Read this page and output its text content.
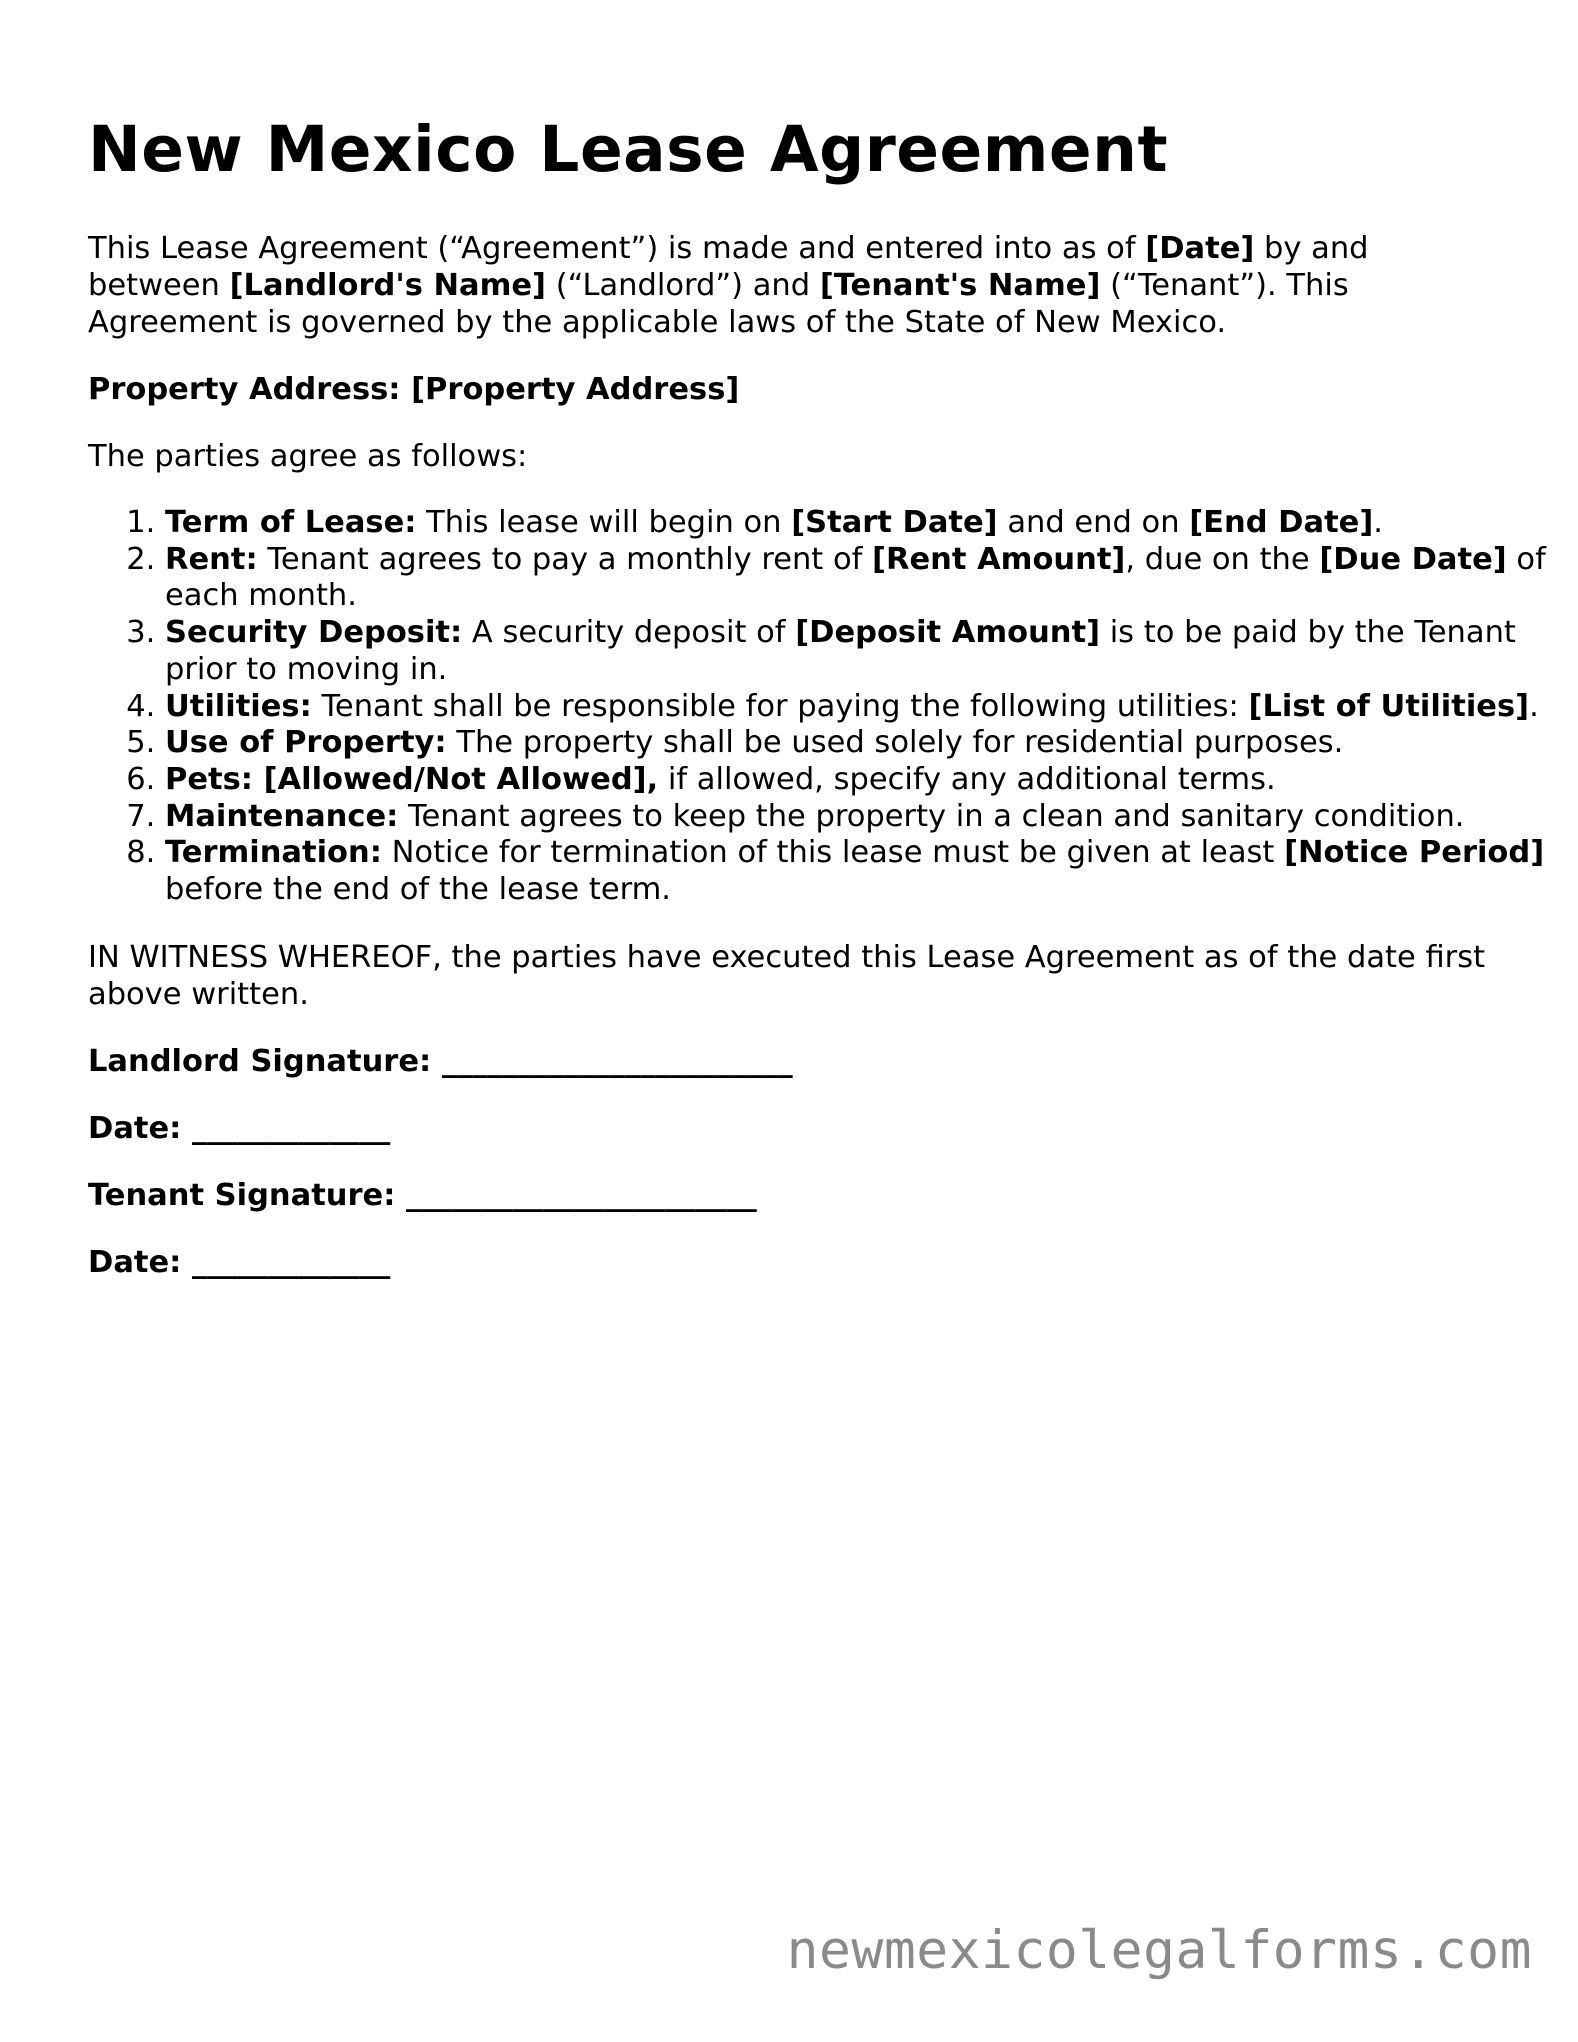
New Mexico Lease Agreement

This Lease Agreement (“Agreement”) is made and entered into as of [Date] by and between [Landlord's Name] (“Landlord”) and [Tenant's Name] (“Tenant”). This Agreement is governed by the applicable laws of the State of New Mexico.

Property Address: [Property Address]

The parties agree as follows:

1. Term of Lease: This lease will begin on [Start Date] and end on [End Date].
2. Rent: Tenant agrees to pay a monthly rent of [Rent Amount], due on the [Due Date] of each month.
3. Security Deposit: A security deposit of [Deposit Amount] is to be paid by the Tenant prior to moving in.
4. Utilities: Tenant shall be responsible for paying the following utilities: [List of Utilities].
5. Use of Property: The property shall be used solely for residential purposes.
6. Pets: [Allowed/Not Allowed], if allowed, specify any additional terms.
7. Maintenance: Tenant agrees to keep the property in a clean and sanitary condition.
8. Termination: Notice for termination of this lease must be given at least [Notice Period] before the end of the lease term.

IN WITNESS WHEREOF, the parties have executed this Lease Agreement as of the date first above written.

Landlord Signature: _______________________
Date: _____________
Tenant Signature: _______________________
Date: _____________
newmexicolegalforms.com
